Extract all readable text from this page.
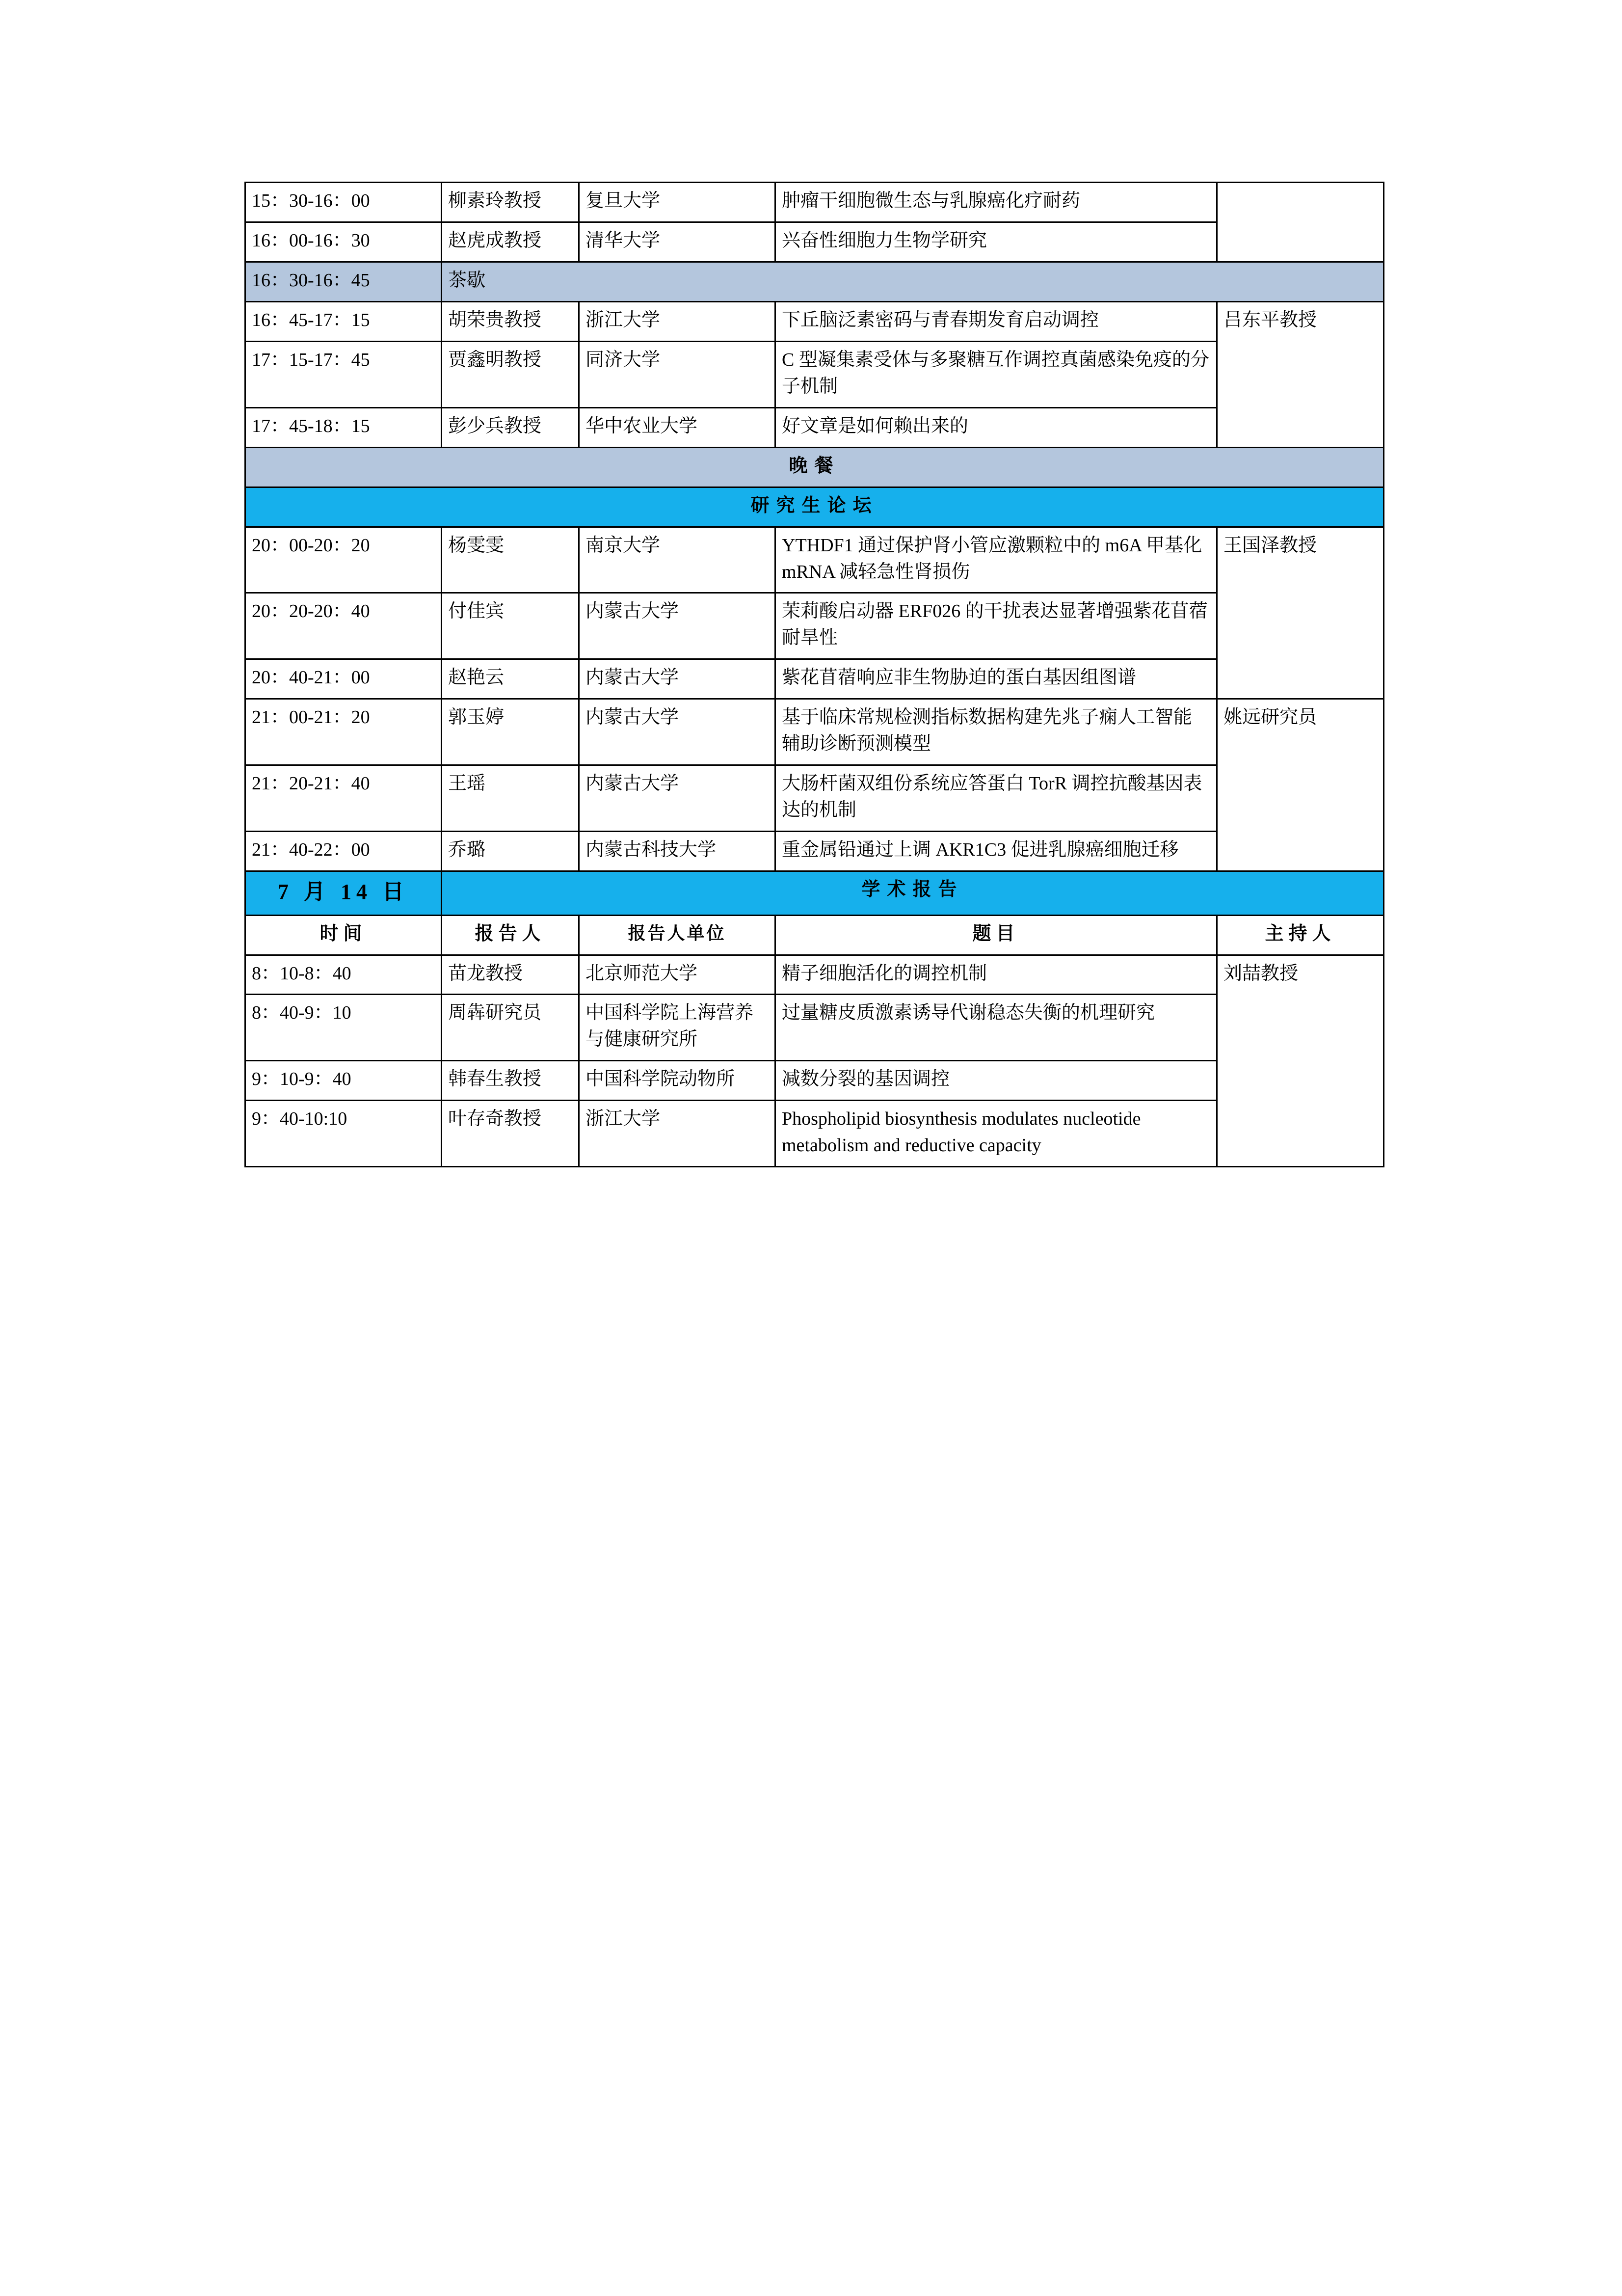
15：30-16：00	柳素玲教授	复旦大学	肿瘤干细胞微生态与乳腺癌化疗耐药	
16：00-16：30	赵虎成教授	清华大学	兴奋性细胞力生物学研究	
16：30-16：45	茶歇			
16：45-17：15	胡荣贵教授	浙江大学	下丘脑泛素密码与青春期发育启动调控	吕东平教授
17：15-17：45	贾鑫明教授	同济大学	C 型凝集素受体与多聚糖互作调控真菌感染免疫的分子机制	
17：45-18：15	彭少兵教授	华中农业大学	好文章是如何赖出来的	
晚餐				
研究生论坛				
20：00-20：20	杨雯雯	南京大学	YTHDF1 通过保护肾小管应激颗粒中的 m6A 甲基化 mRNA 减轻急性肾损伤	王国泽教授
20：20-20：40	付佳宾	内蒙古大学	茉莉酸启动器 ERF026 的干扰表达显著增强紫花苜蓿耐旱性	
20：40-21：00	赵艳云	内蒙古大学	紫花苜蓿响应非生物胁迫的蛋白基因组图谱	
21：00-21：20	郭玉婷	内蒙古大学	基于临床常规检测指标数据构建先兆子痫人工智能辅助诊断预测模型	姚远研究员
21：20-21：40	王瑶	内蒙古大学	大肠杆菌双组份系统应答蛋白 TorR 调控抗酸基因表达的机制	
21：40-22：00	乔璐	内蒙古科技大学	重金属铅通过上调 AKR1C3 促进乳腺癌细胞迁移	
7 月 14 日	学术报告			
时间	报告人	报告人单位	题目	主持人
8：10-8：40	苗龙教授	北京师范大学	精子细胞活化的调控机制	刘喆教授
8：40-9：10	周犇研究员	中国科学院上海营养与健康研究所	过量糖皮质激素诱导代谢稳态失衡的机理研究	
9：10-9：40	韩春生教授	中国科学院动物所	减数分裂的基因调控	
9：40-10:10	叶存奇教授	浙江大学	Phospholipid biosynthesis modulates nucleotide metabolism and reductive capacity	
